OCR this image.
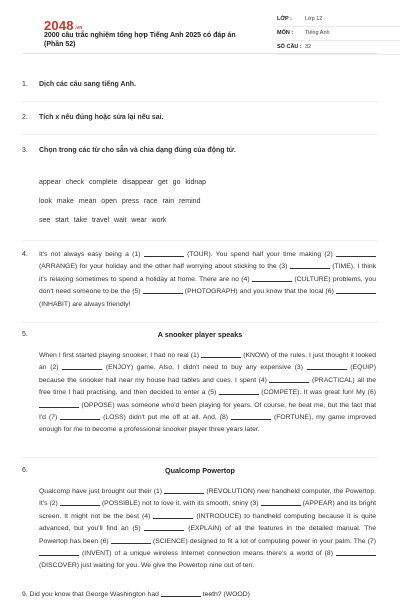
$2048^{.vn}$
2000 câu trắc nghiệm tổng hợp Tiếng Anh 2025 có đáp án (Phần 52)
LỚP :	Lớp 12
MÔN :	Tiếng Anh
SỐ CÂU : 32
1.	Dịch các câu sang tiếng Anh.
2.	Tích x nếu đúng hoặc sửa lại nếu sai.
3.	Chọn trong các từ cho sẵn và chia dạng đúng của động từ.
appear check complete disappear get go kidnap
look make mean open press race rain remind
see start take travel wait wear work
4.	It's not always easy being a (1)	(TOUR). You spend half your time making (2)  (ARRANGE) for your holiday and the other half worrying about sticking to the (3)	(TIME). I think it's relaxing sometimes to spend a holiday at home. There are no (4)	(CULTURE) problems, you don't need someone to be the (5)	(PHOTOGRAPH) and you know that the local (6)  (INHABIT) are always friendly!
5.	A snooker player speaks
When I first started playing snooker, I had no real (1)	(KNOW) of the rules. I just thought it looked an (2)	(ENJOY) game. Also, I didn't need to buy any expensive (3)	(EQUIP) because the snooker hall near my house had tables and cues. I spent (4)	(PRACTICAL) all the free time I had practising, and then decided to enter a (5)	(COMPETE). It was great fun! My (6)  (OPPOSE) was someone who'd been playing for years. Of course, he beat me, but the fact that I'd (7)	(LOSS) didn't put me off at all. And, (8)	(FORTUNE), my game improved enough for me to become a professional snooker player three years later.
6.	Qualcomp Powertop
Qualcomp have just brought out their (1)	(REVOLUTION) new handheld computer, the Powertop. It's (2)	(POSSIBLE) not to love it, with its smooth, shiny (3)	(APPEAR) and its bright screen. It might not be the best (4)	(INTRODUCE) to handheld computing because it is quite advanced, but you'll find an (5)	(EXPLAIN) of all the features in the detailed manual. The Powertop has been (6)	(SCIENCE) designed to fit a lot of computing power in your palm. The (7)  (INVENT) of a unique wireless Internet connection means there's a world of (8)  (DISCOVER) just waiting for you. We give the Powertop nine out of ten.
9. Did you know that George Washington had	teeth? (WOOD)
